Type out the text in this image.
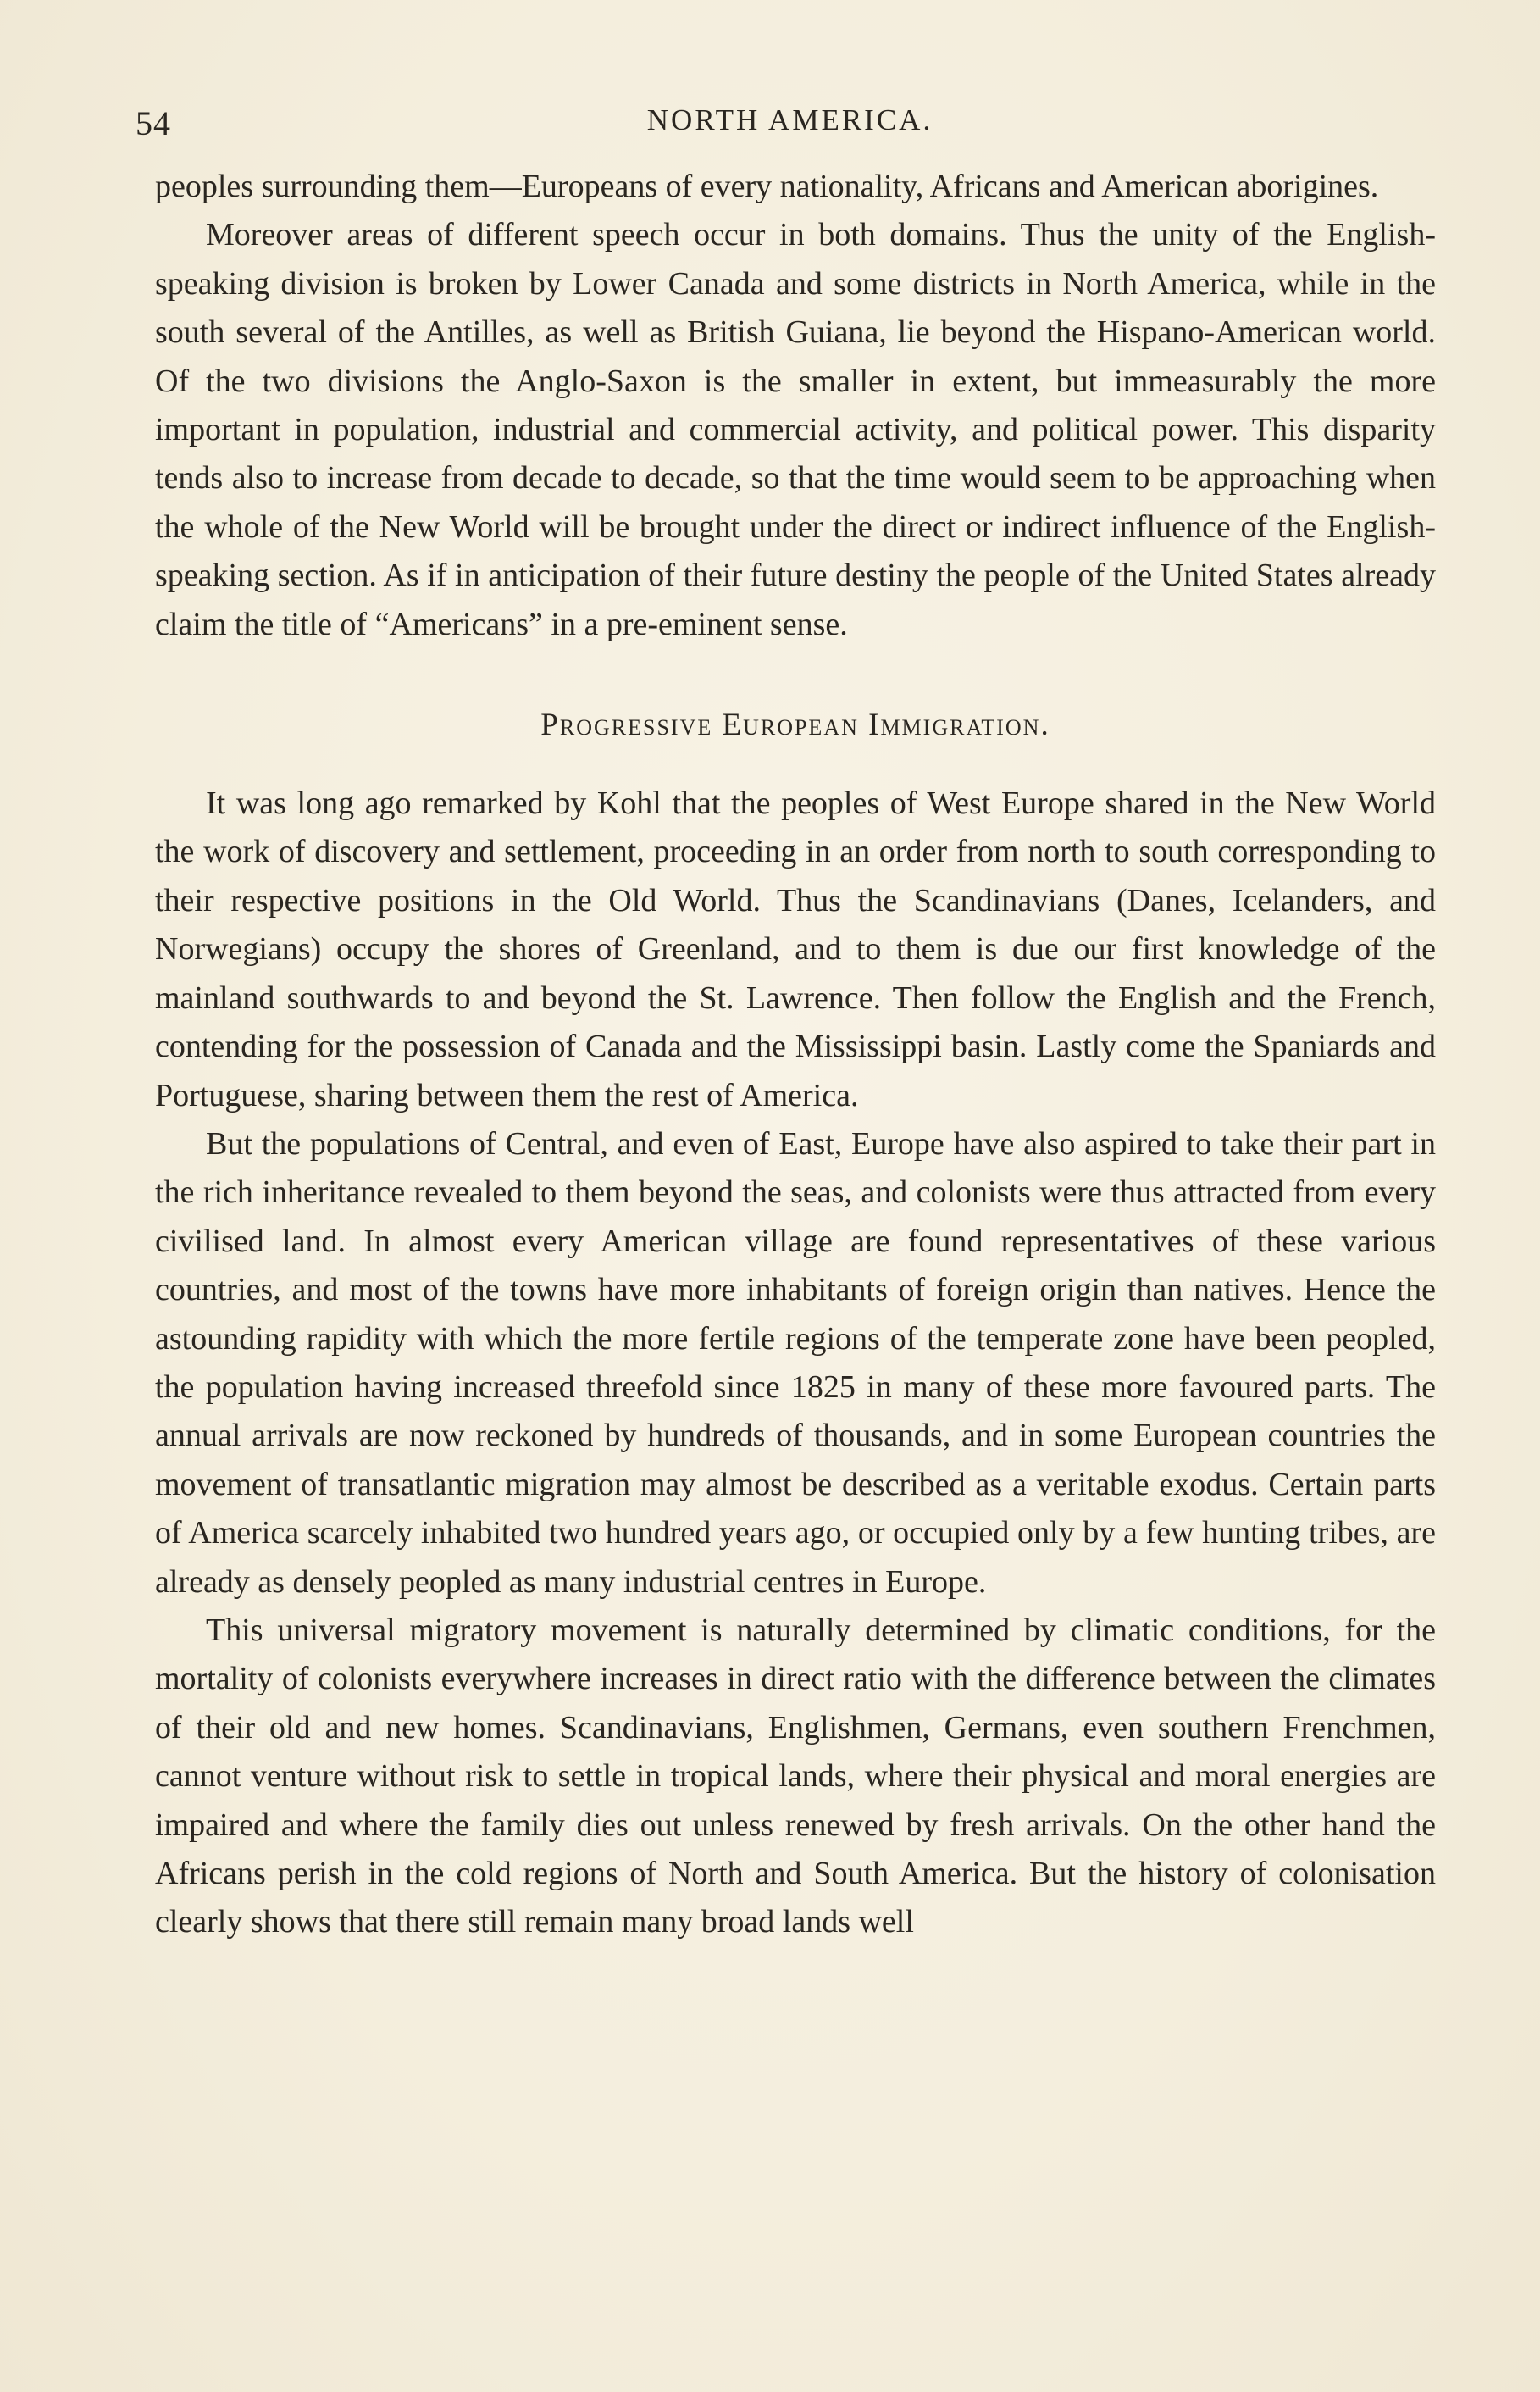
54	NORTH AMERICA.

peoples surrounding them—Europeans of every nationality, Africans and American aborigines.

Moreover areas of different speech occur in both domains. Thus the unity of the English-speaking division is broken by Lower Canada and some districts in North America, while in the south several of the Antilles, as well as British Guiana, lie beyond the Hispano-American world. Of the two divisions the Anglo-Saxon is the smaller in extent, but immeasurably the more important in population, industrial and commercial activity, and political power. This disparity tends also to increase from decade to decade, so that the time would seem to be approaching when the whole of the New World will be brought under the direct or indirect influence of the English-speaking section. As if in anticipation of their future destiny the people of the United States already claim the title of “Americans” in a pre-eminent sense.

Progressive European Immigration.

It was long ago remarked by Kohl that the peoples of West Europe shared in the New World the work of discovery and settlement, proceeding in an order from north to south corresponding to their respective positions in the Old World. Thus the Scandinavians (Danes, Icelanders, and Norwegians) occupy the shores of Greenland, and to them is due our first knowledge of the mainland southwards to and beyond the St. Lawrence. Then follow the English and the French, contending for the possession of Canada and the Mississippi basin. Lastly come the Spaniards and Portuguese, sharing between them the rest of America.

But the populations of Central, and even of East, Europe have also aspired to take their part in the rich inheritance revealed to them beyond the seas, and colonists were thus attracted from every civilised land. In almost every American village are found representatives of these various countries, and most of the towns have more inhabitants of foreign origin than natives. Hence the astounding rapidity with which the more fertile regions of the temperate zone have been peopled, the population having increased threefold since 1825 in many of these more favoured parts. The annual arrivals are now reckoned by hundreds of thousands, and in some European countries the movement of transatlantic migration may almost be described as a veritable exodus. Certain parts of America scarcely inhabited two hundred years ago, or occupied only by a few hunting tribes, are already as densely peopled as many industrial centres in Europe.

This universal migratory movement is naturally determined by climatic conditions, for the mortality of colonists everywhere increases in direct ratio with the difference between the climates of their old and new homes. Scandinavians, Englishmen, Germans, even southern Frenchmen, cannot venture without risk to settle in tropical lands, where their physical and moral energies are impaired and where the family dies out unless renewed by fresh arrivals. On the other hand the Africans perish in the cold regions of North and South America. But the history of colonisation clearly shows that there still remain many broad lands well
